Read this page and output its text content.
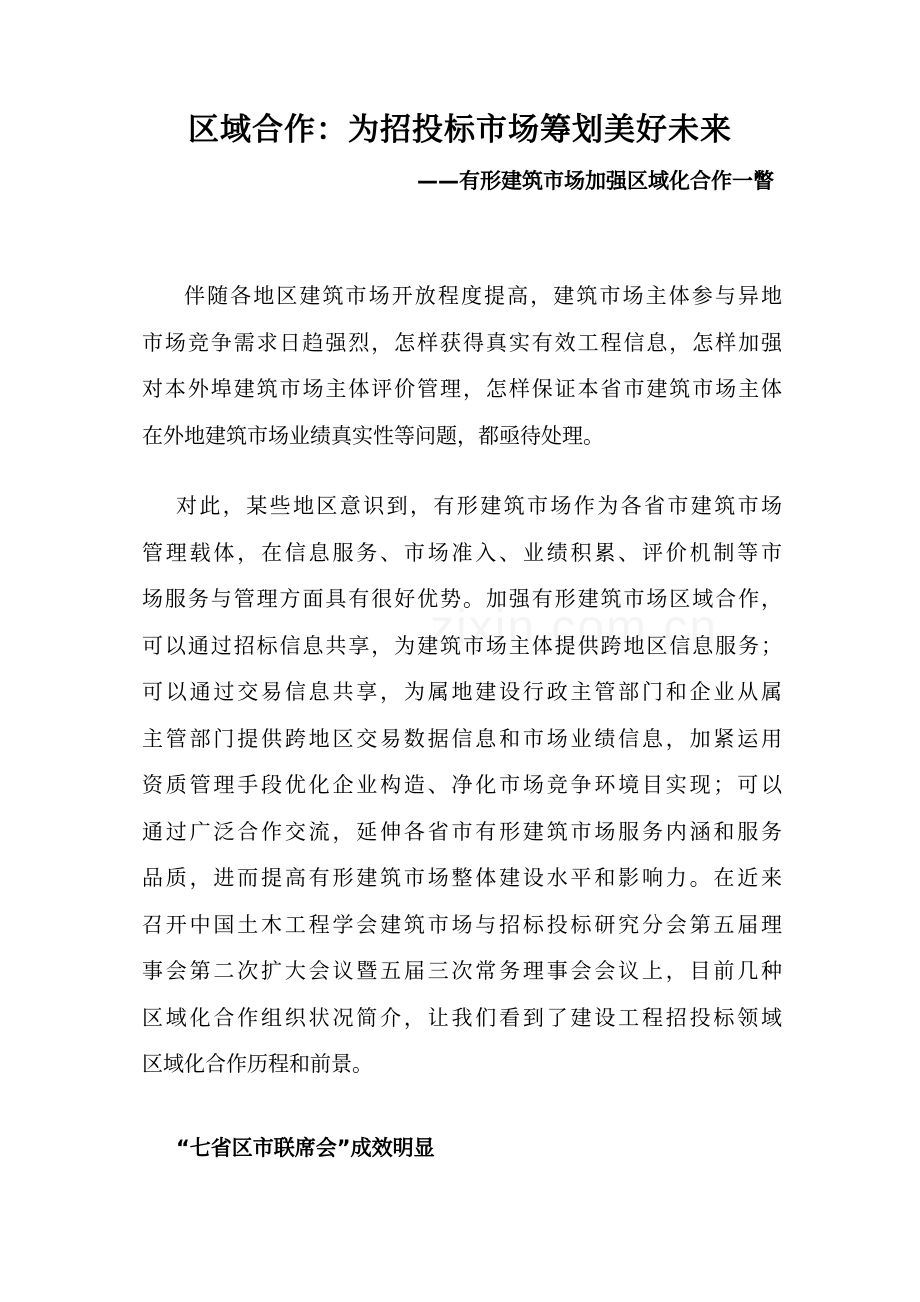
区域合作：为招投标市场筹划美好未来
——有形建筑市场加强区域化合作一瞥
伴随各地区建筑市场开放程度提高，建筑市场主体参与异地
市场竞争需求日趋强烈，怎样获得真实有效工程信息，怎样加强
对本外埠建筑市场主体评价管理，怎样保证本省市建筑市场主体
在外地建筑市场业绩真实性等问题，都亟待处理。
对此，某些地区意识到，有形建筑市场作为各省市建筑市场
管理载体，在信息服务、市场准入、业绩积累、评价机制等市
场服务与管理方面具有很好优势。加强有形建筑市场区域合作，
可以通过招标信息共享，为建筑市场主体提供跨地区信息服务；
可以通过交易信息共享，为属地建设行政主管部门和企业从属
主管部门提供跨地区交易数据信息和市场业绩信息，加紧运用
资质管理手段优化企业构造、净化市场竞争环境目实现；可以
通过广泛合作交流，延伸各省市有形建筑市场服务内涵和服务
品质，进而提高有形建筑市场整体建设水平和影响力。在近来
召开中国土木工程学会建筑市场与招标投标研究分会第五届理
事会第二次扩大会议暨五届三次常务理事会会议上，目前几种
区域化合作组织状况简介，让我们看到了建设工程招投标领域
区域化合作历程和前景。
“七省区市联席会”成效明显
